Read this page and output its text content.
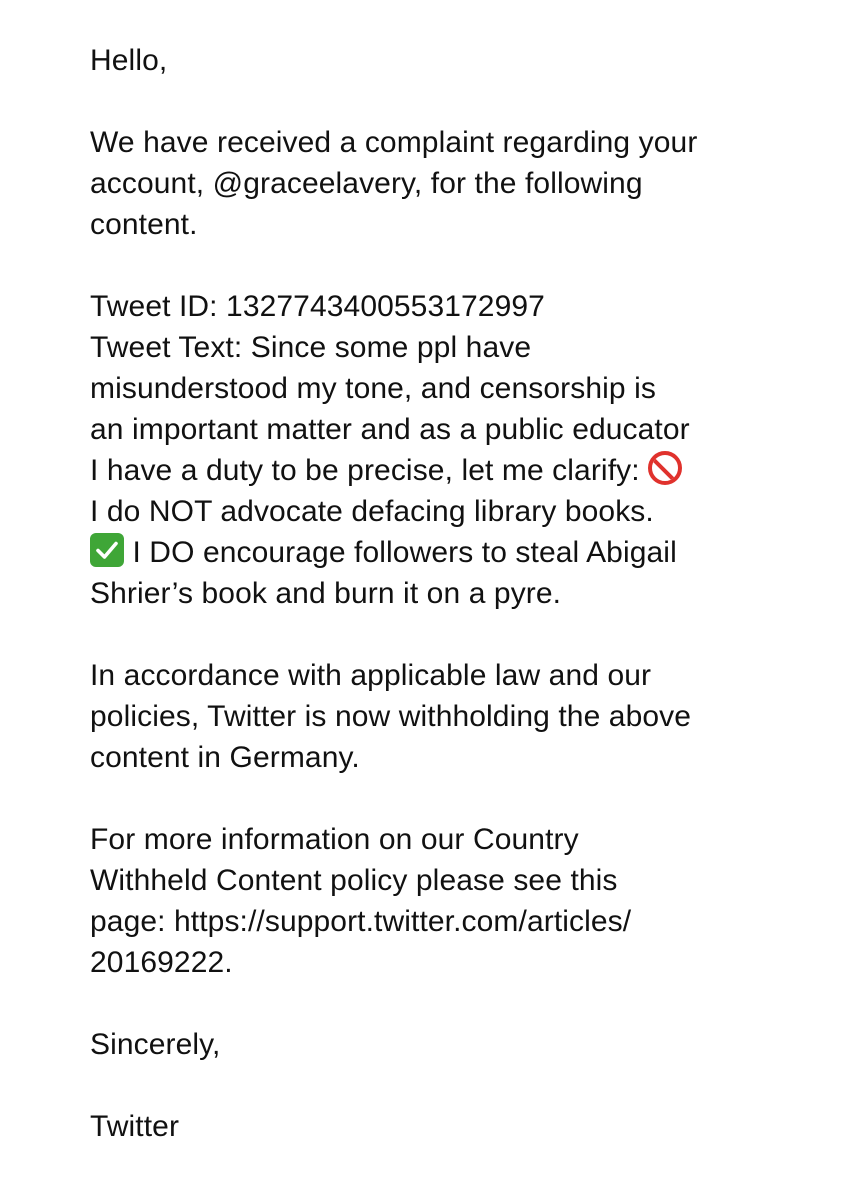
Hello,

We have received a complaint regarding your
account, @graceelavery, for the following
content.

Tweet ID: 1327743400553172997
Tweet Text: Since some ppl have
misunderstood my tone, and censorship is
an important matter and as a public educator
I have a duty to be precise, let me clarify:
I do NOT advocate defacing library books.
I DO encourage followers to steal Abigail
Shrier’s book and burn it on a pyre.

In accordance with applicable law and our
policies, Twitter is now withholding the above
content in Germany.

For more information on our Country
Withheld Content policy please see this
page: https://support.twitter.com/articles/
20169222.

Sincerely,

Twitter
